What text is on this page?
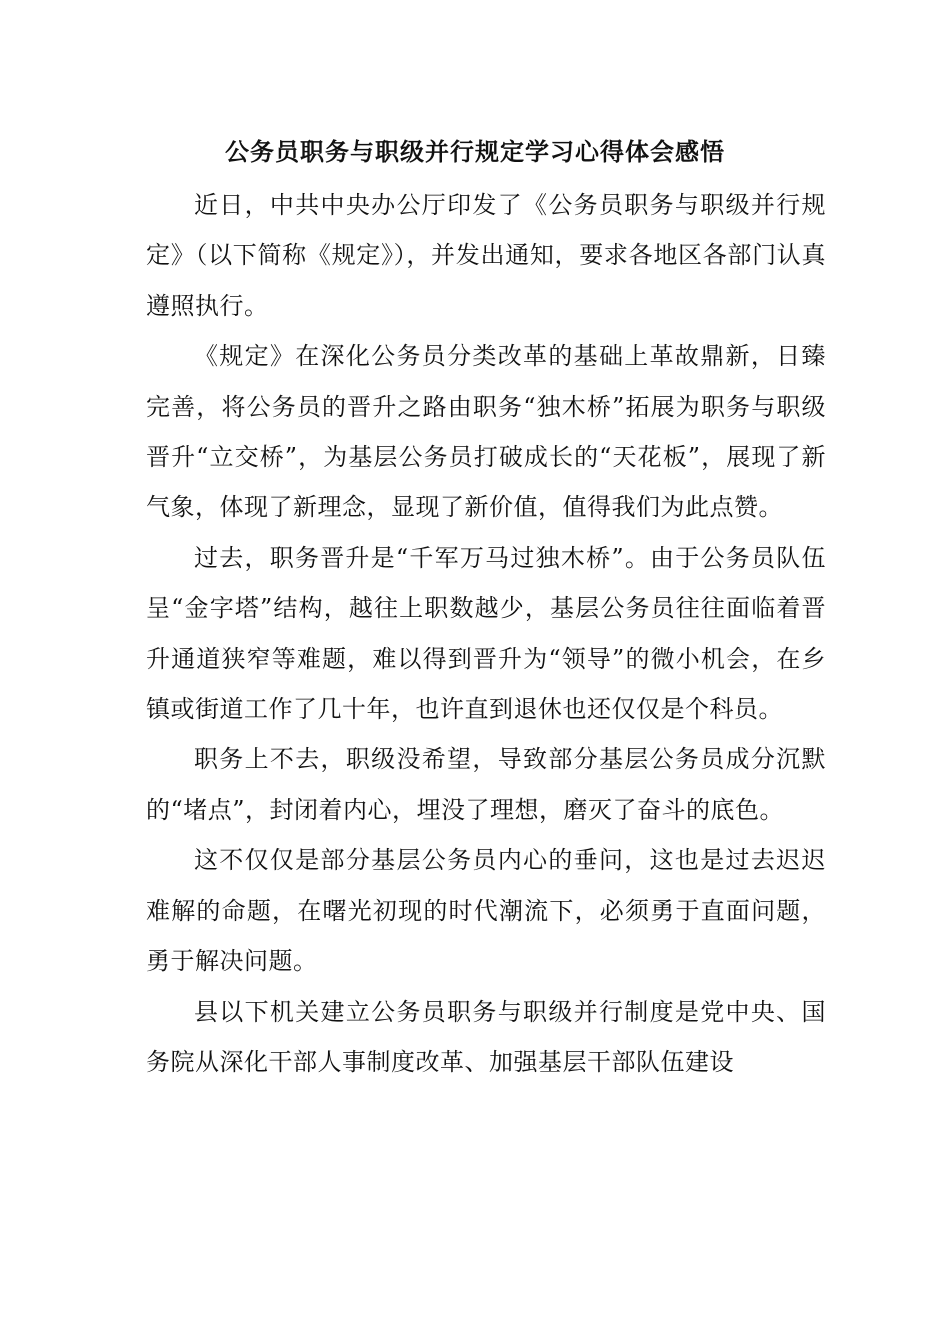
公务员职务与职级并行规定学习心得体会感悟

近日，中共中央办公厅印发了《公务员职务与职级并行规定》（以下简称《规定》），并发出通知，要求各地区各部门认真遵照执行。

《规定》在深化公务员分类改革的基础上革故鼎新，日臻完善，将公务员的晋升之路由职务“独木桥”拓展为职务与职级晋升“立交桥”，为基层公务员打破成长的“天花板”，展现了新气象，体现了新理念，显现了新价值，值得我们为此点赞。

过去，职务晋升是“千军万马过独木桥”。由于公务员队伍呈“金字塔”结构，越往上职数越少，基层公务员往往面临着晋升通道狭窄等难题，难以得到晋升为“领导”的微小机会，在乡镇或街道工作了几十年，也许直到退休也还仅仅是个科员。

职务上不去，职级没希望，导致部分基层公务员成分沉默的“堵点”，封闭着内心，埋没了理想，磨灭了奋斗的底色。

这不仅仅是部分基层公务员内心的垂问，这也是过去迟迟难解的命题，在曙光初现的时代潮流下，必须勇于直面问题，勇于解决问题。

县以下机关建立公务员职务与职级并行制度是党中央、国务院从深化干部人事制度改革、加强基层干部队伍建设
